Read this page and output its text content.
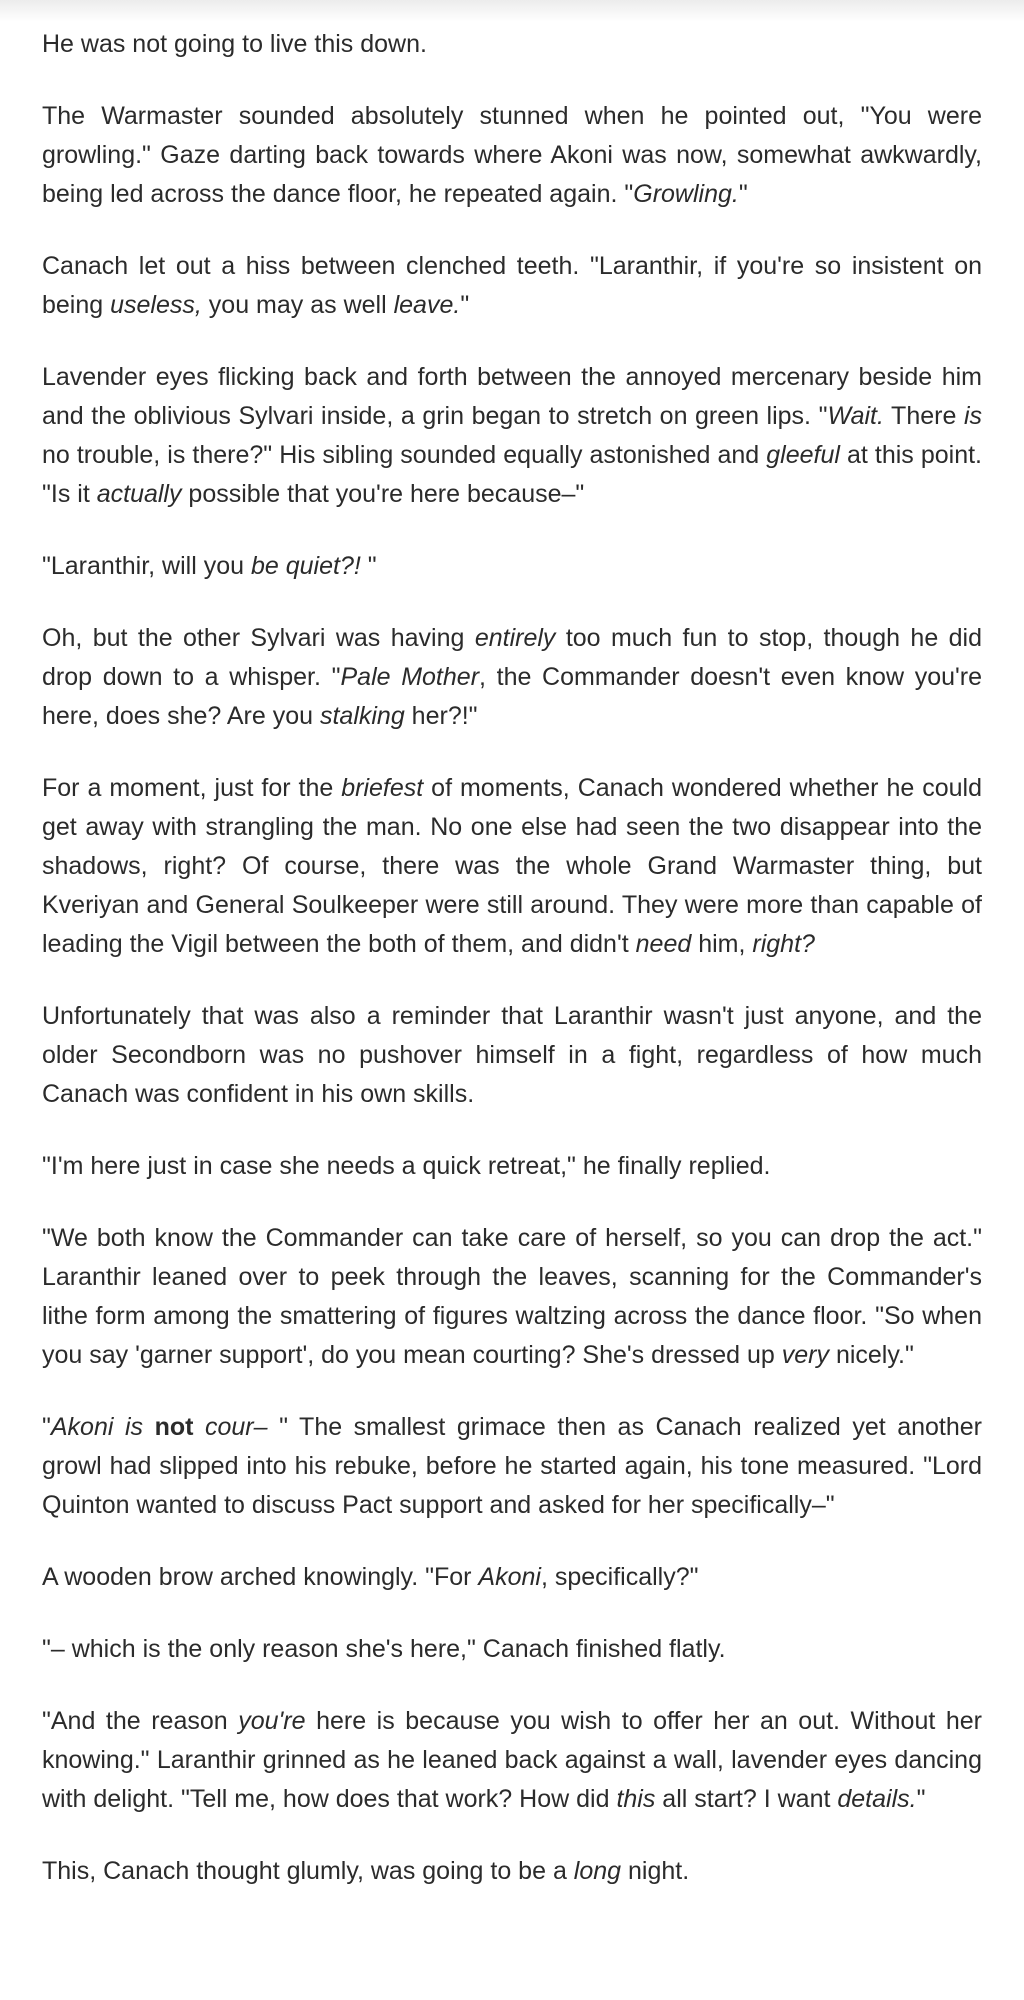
He was not going to live this down.

The Warmaster sounded absolutely stunned when he pointed out, "You were growling." Gaze darting back towards where Akoni was now, somewhat awkwardly, being led across the dance floor, he repeated again. "Growling."

Canach let out a hiss between clenched teeth. "Laranthir, if you're so insistent on being useless, you may as well leave."

Lavender eyes flicking back and forth between the annoyed mercenary beside him and the oblivious Sylvari inside, a grin began to stretch on green lips. "Wait. There is no trouble, is there?" His sibling sounded equally astonished and gleeful at this point. "Is it actually possible that you're here because–"

"Laranthir, will you be quiet?! "

Oh, but the other Sylvari was having entirely too much fun to stop, though he did drop down to a whisper. "Pale Mother, the Commander doesn't even know you're here, does she? Are you stalking her?!"

For a moment, just for the briefest of moments, Canach wondered whether he could get away with strangling the man. No one else had seen the two disappear into the shadows, right? Of course, there was the whole Grand Warmaster thing, but Kveriyan and General Soulkeeper were still around. They were more than capable of leading the Vigil between the both of them, and didn't need him, right?

Unfortunately that was also a reminder that Laranthir wasn't just anyone, and the older Secondborn was no pushover himself in a fight, regardless of how much Canach was confident in his own skills.

"I'm here just in case she needs a quick retreat," he finally replied.

"We both know the Commander can take care of herself, so you can drop the act." Laranthir leaned over to peek through the leaves, scanning for the Commander's lithe form among the smattering of figures waltzing across the dance floor. "So when you say 'garner support', do you mean courting? She's dressed up very nicely."

"Akoni is not cour– " The smallest grimace then as Canach realized yet another growl had slipped into his rebuke, before he started again, his tone measured. "Lord Quinton wanted to discuss Pact support and asked for her specifically–"

A wooden brow arched knowingly. "For Akoni, specifically?"

"– which is the only reason she's here," Canach finished flatly.

"And the reason you're here is because you wish to offer her an out. Without her knowing." Laranthir grinned as he leaned back against a wall, lavender eyes dancing with delight. "Tell me, how does that work? How did this all start? I want details."

This, Canach thought glumly, was going to be a long night.
